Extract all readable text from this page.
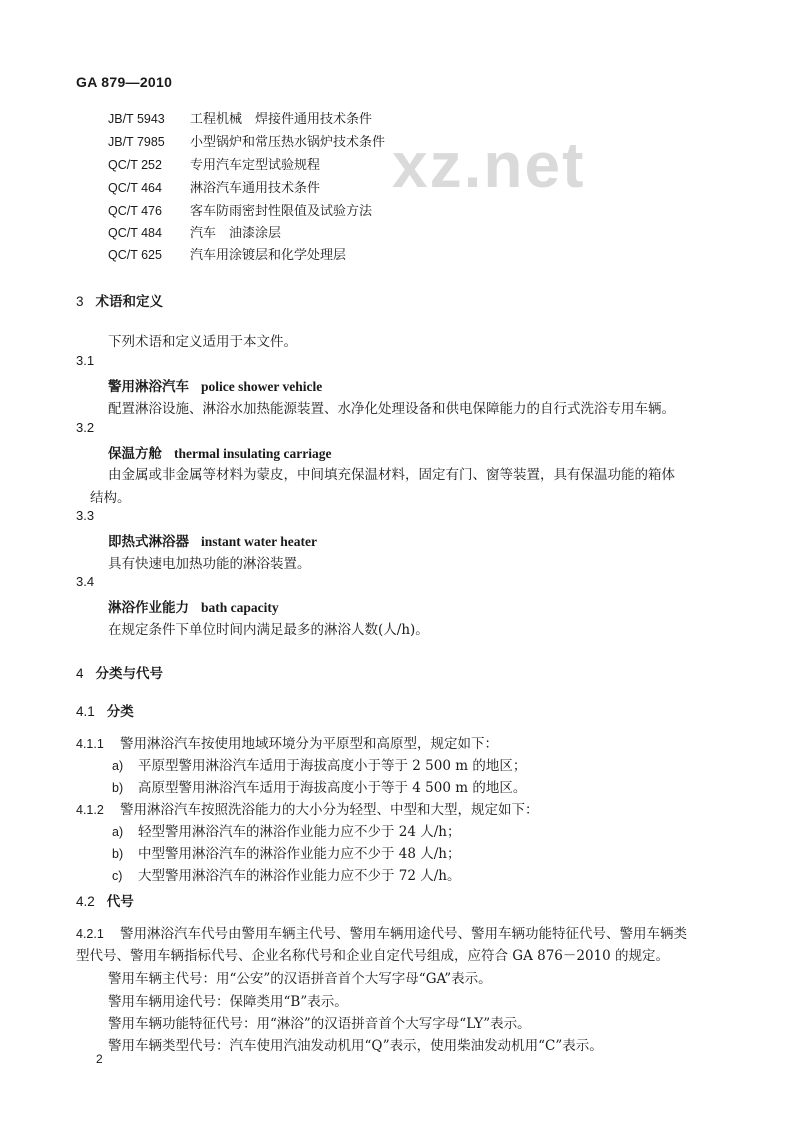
GA 879—2010
xz.net
JB/T 5943 工程机械　焊接件通用技术条件
JB/T 7985 小型锅炉和常压热水锅炉技术条件
QC/T 252 专用汽车定型试验规程
QC/T 464 淋浴汽车通用技术条件
QC/T 476 客车防雨密封性限值及试验方法
QC/T 484 汽车　油漆涂层
QC/T 625 汽车用涂镀层和化学处理层
3 术语和定义
下列术语和定义适用于本文件。
3.1
警用淋浴汽车 police shower vehicle
配置淋浴设施、淋浴水加热能源装置、水净化处理设备和供电保障能力的自行式洗浴专用车辆。
3.2
保温方舱 thermal insulating carriage
由金属或非金属等材料为蒙皮，中间填充保温材料，固定有门、窗等装置，具有保温功能的箱体
结构。
3.3
即热式淋浴器 instant water heater
具有快速电加热功能的淋浴装置。
3.4
淋浴作业能力 bath capacity
在规定条件下单位时间内满足最多的淋浴人数(人/h)。
4 分类与代号
4.1 分类
4.1.1 警用淋浴汽车按使用地域环境分为平原型和高原型，规定如下：
a) 平原型警用淋浴汽车适用于海拔高度小于等于 2 500 m 的地区；
b) 高原型警用淋浴汽车适用于海拔高度小于等于 4 500 m 的地区。
4.1.2 警用淋浴汽车按照洗浴能力的大小分为轻型、中型和大型，规定如下：
a) 轻型警用淋浴汽车的淋浴作业能力应不少于 24 人/h；
b) 中型警用淋浴汽车的淋浴作业能力应不少于 48 人/h；
c) 大型警用淋浴汽车的淋浴作业能力应不少于 72 人/h。
4.2 代号
4.2.1 警用淋浴汽车代号由警用车辆主代号、警用车辆用途代号、警用车辆功能特征代号、警用车辆类
型代号、警用车辆指标代号、企业名称代号和企业自定代号组成，应符合 GA 876－2010 的规定。
警用车辆主代号：用“公安”的汉语拼音首个大写字母“GA”表示。
警用车辆用途代号：保障类用“B”表示。
警用车辆功能特征代号：用“淋浴”的汉语拼音首个大写字母“LY”表示。
警用车辆类型代号：汽车使用汽油发动机用“Q”表示，使用柴油发动机用“C”表示。
2
